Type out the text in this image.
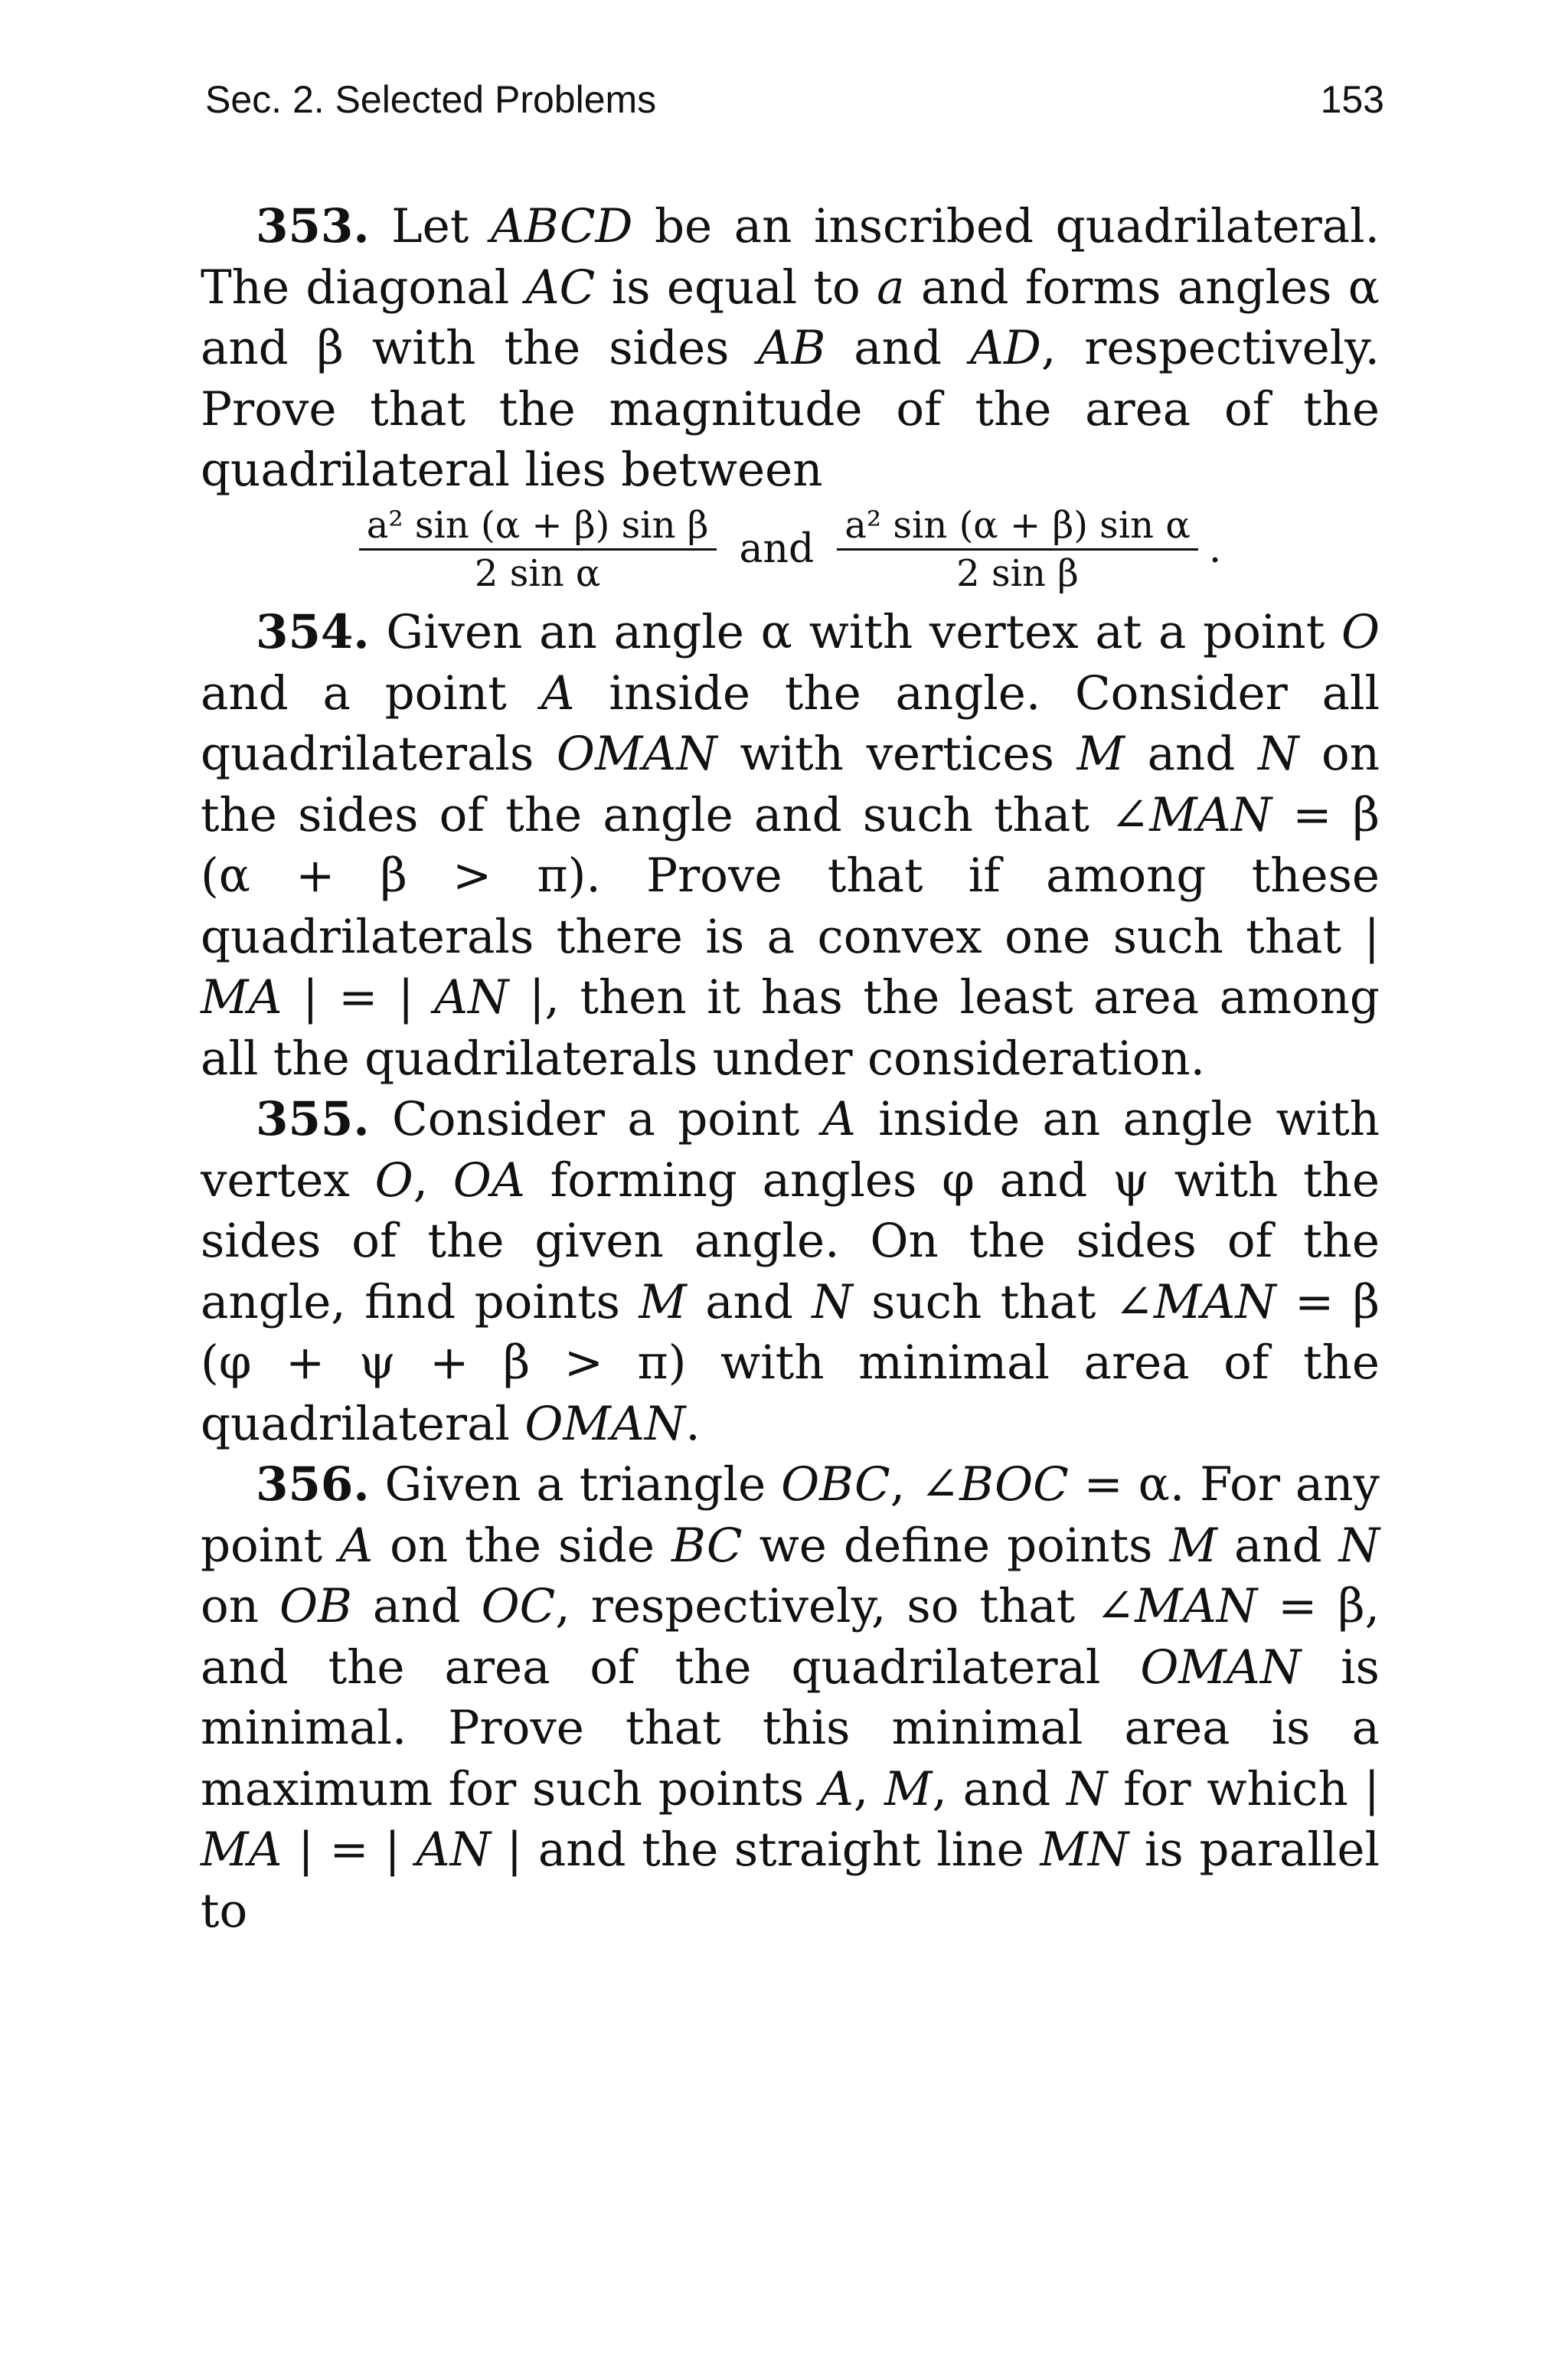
Sec. 2. Selected Problems	153

353. Let ABCD be an inscribed quadrilateral. The diagonal AC is equal to a and forms angles α and β with the sides AB and AD, respectively. Prove that the magnitude of the area of the quadrilateral lies between

$\frac{\text{a² sin (α + β) sin β}}{\text{2 sin α}}$ and $\frac{\text{a² sin (α + β) sin α}}{\text{2 sin β}}$ .

354. Given an angle α with vertex at a point O and a point A inside the angle. Consider all quadrilaterals OMAN with vertices M and N on the sides of the angle and such that ∠MAN = β (α + β > π). Prove that if among these quadrilaterals there is a convex one such that | MA | = | AN |, then it has the least area among all the quadrilaterals under consideration.

355. Consider a point A inside an angle with vertex O, OA forming angles φ and ψ with the sides of the given angle. On the sides of the angle, find points M and N such that ∠MAN = β (φ + ψ + β > π) with minimal area of the quadrilateral OMAN.

356. Given a triangle OBC, ∠BOC = α. For any point A on the side BC we define points M and N on OB and OC, respectively, so that ∠MAN = β, and the area of the quadrilateral OMAN is minimal. Prove that this minimal area is a maximum for such points A, M, and N for which | MA | = | AN | and the straight line MN is parallel to
